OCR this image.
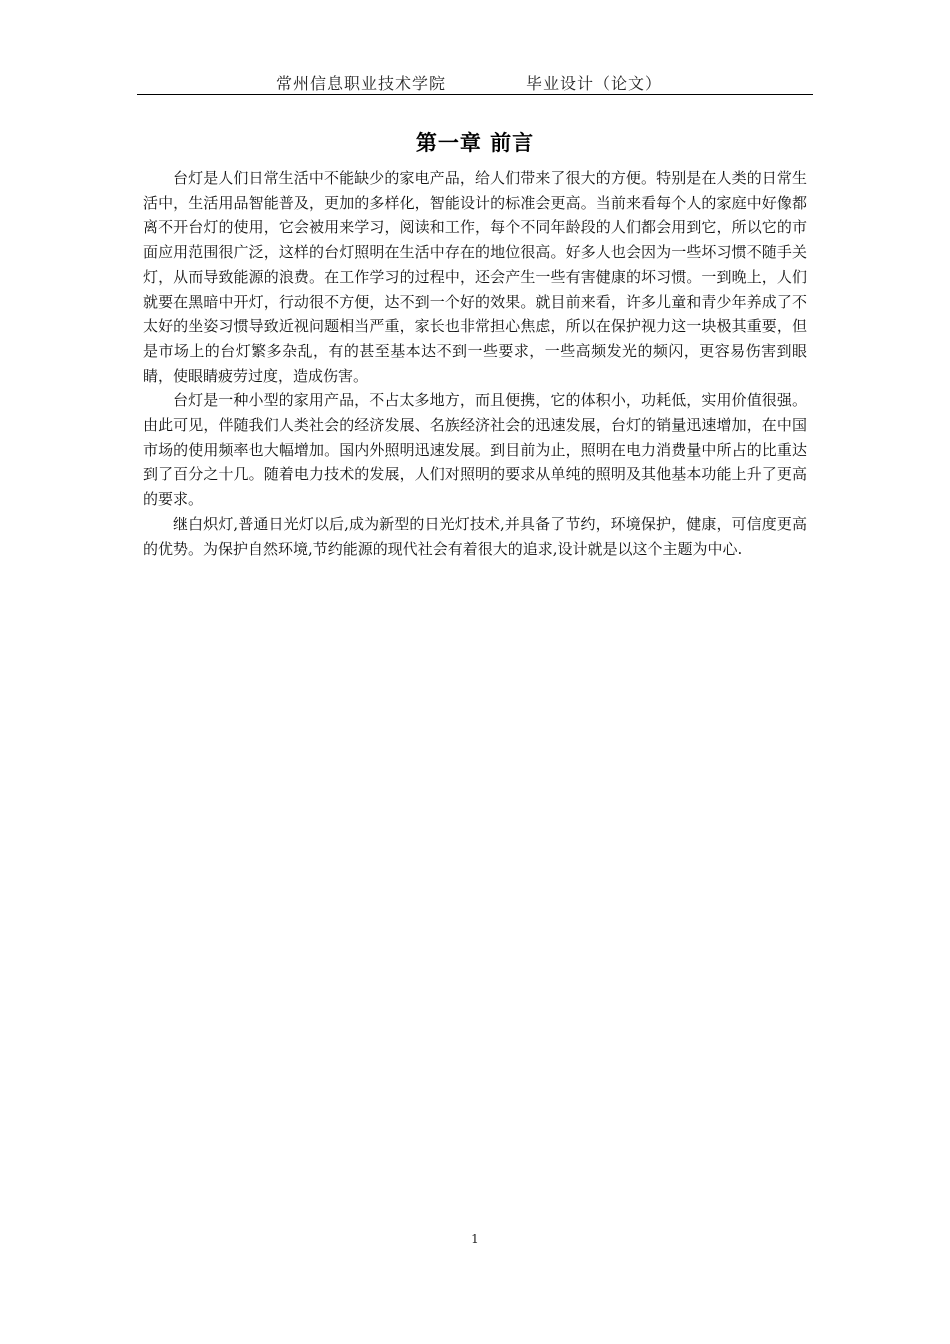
常州信息职业技术学院	毕业设计（论文）
第一章 前言

台灯是人们日常生活中不能缺少的家电产品，给人们带来了很大的方便。特别是在人类的日常生活中，生活用品智能普及，更加的多样化，智能设计的标准会更高。当前来看每个人的家庭中好像都离不开台灯的使用，它会被用来学习，阅读和工作，每个不同年龄段的人们都会用到它，所以它的市面应用范围很广泛，这样的台灯照明在生活中存在的地位很高。好多人也会因为一些坏习惯不随手关灯，从而导致能源的浪费。在工作学习的过程中，还会产生一些有害健康的坏习惯。一到晚上，人们就要在黑暗中开灯，行动很不方便，达不到一个好的效果。就目前来看，许多儿童和青少年养成了不太好的坐姿习惯导致近视问题相当严重，家长也非常担心焦虑，所以在保护视力这一块极其重要，但是市场上的台灯繁多杂乱，有的甚至基本达不到一些要求，一些高频发光的频闪，更容易伤害到眼睛，使眼睛疲劳过度，造成伤害。

台灯是一种小型的家用产品，不占太多地方，而且便携，它的体积小，功耗低，实用价值很强。由此可见，伴随我们人类社会的经济发展、名族经济社会的迅速发展，台灯的销量迅速增加，在中国市场的使用频率也大幅增加。国内外照明迅速发展。到目前为止，照明在电力消费量中所占的比重达到了百分之十几。随着电力技术的发展，人们对照明的要求从单纯的照明及其他基本功能上升了更高的要求。

继白炽灯,普通日光灯以后,成为新型的日光灯技术,并具备了节约，环境保护，健康，可信度更高的优势。为保护自然环境,节约能源的现代社会有着很大的追求,设计就是以这个主题为中心.

1
